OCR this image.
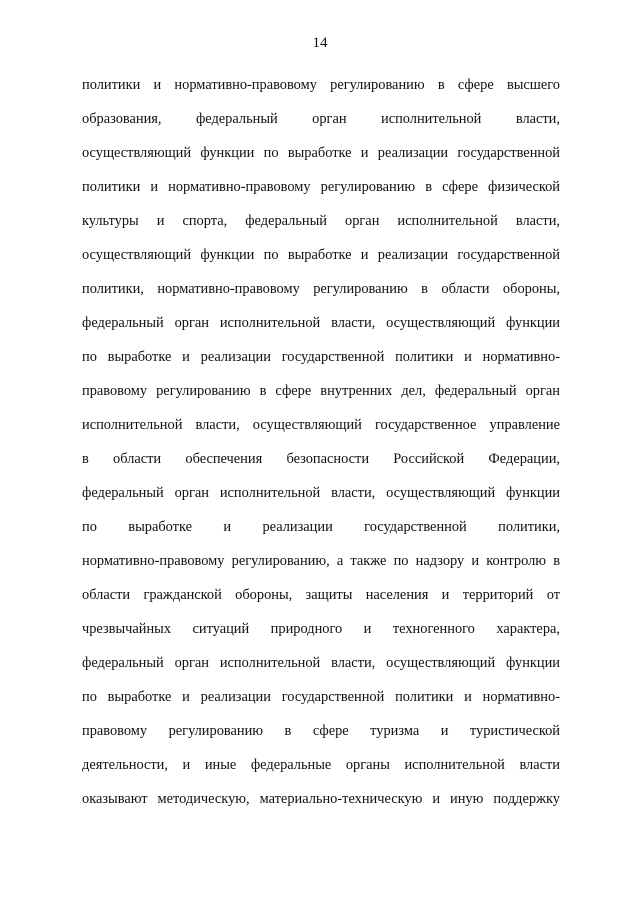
14
политики и нормативно-правовому регулированию в сфере высшего
образования, федеральный орган исполнительной власти,
осуществляющий функции по выработке и реализации государственной
политики и нормативно-правовому регулированию в сфере физической
культуры и спорта, федеральный орган исполнительной власти,
осуществляющий функции по выработке и реализации государственной
политики, нормативно-правовому регулированию в области обороны,
федеральный орган исполнительной власти, осуществляющий функции
по выработке и реализации государственной политики и нормативно-
правовому регулированию в сфере внутренних дел, федеральный орган
исполнительной власти, осуществляющий государственное управление
в области обеспечения безопасности Российской Федерации,
федеральный орган исполнительной власти, осуществляющий функции
по выработке и реализации государственной политики,
нормативно-правовому регулированию, а также по надзору и контролю в
области гражданской обороны, защиты населения и территорий от
чрезвычайных ситуаций природного и техногенного характера,
федеральный орган исполнительной власти, осуществляющий функции
по выработке и реализации государственной политики и нормативно-
правовому регулированию в сфере туризма и туристической
деятельности, и иные федеральные органы исполнительной власти
оказывают методическую, материально-техническую и иную поддержку
